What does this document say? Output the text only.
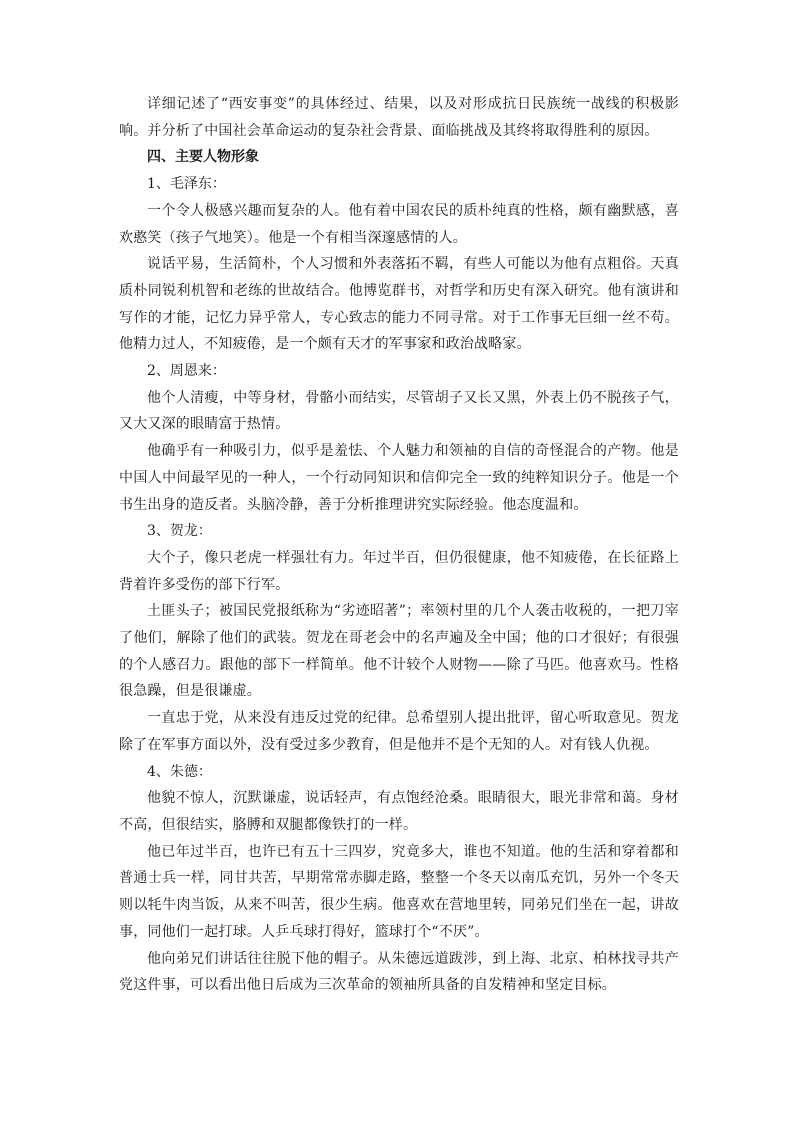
详细记述了“西安事变”的具体经过、结果，以及对形成抗日民族统一战线的积极影响。并分析了中国社会革命运动的复杂社会背景、面临挑战及其终将取得胜利的原因。

四、主要人物形象

1、毛泽东：

一个令人极感兴趣而复杂的人。他有着中国农民的质朴纯真的性格，颇有幽默感，喜欢憨笑（孩子气地笑）。他是一个有相当深邃感情的人。

说话平易，生活简朴，个人习惯和外表落拓不羁，有些人可能以为他有点粗俗。天真质朴同锐利机智和老练的世故结合。他博览群书，对哲学和历史有深入研究。他有演讲和写作的才能，记忆力异乎常人，专心致志的能力不同寻常。对于工作事无巨细一丝不苟。他精力过人，不知疲倦，是一个颇有天才的军事家和政治战略家。

2、周恩来：

他个人清瘦，中等身材，骨骼小而结实，尽管胡子又长又黑，外表上仍不脱孩子气，又大又深的眼睛富于热情。

他确乎有一种吸引力，似乎是羞怯、个人魅力和领袖的自信的奇怪混合的产物。他是中国人中间最罕见的一种人，一个行动同知识和信仰完全一致的纯粹知识分子。他是一个书生出身的造反者。头脑冷静，善于分析推理讲究实际经验。他态度温和。

3、贺龙：

大个子，像只老虎一样强壮有力。年过半百，但仍很健康，他不知疲倦，在长征路上背着许多受伤的部下行军。

土匪头子；被国民党报纸称为“劣迹昭著”；率领村里的几个人袭击收税的，一把刀宰了他们，解除了他们的武装。贺龙在哥老会中的名声遍及全中国；他的口才很好；有很强的个人感召力。跟他的部下一样简单。他不计较个人财物——除了马匹。他喜欢马。性格很急躁，但是很谦虚。

一直忠于党，从来没有违反过党的纪律。总希望别人提出批评，留心听取意见。贺龙除了在军事方面以外，没有受过多少教育，但是他并不是个无知的人。对有钱人仇视。

4、朱德：

他貌不惊人，沉默谦虚，说话轻声，有点饱经沧桑。眼睛很大，眼光非常和蔼。身材不高，但很结实，胳膊和双腿都像铁打的一样。

他已年过半百，也许已有五十三四岁，究竟多大，谁也不知道。他的生活和穿着都和普通士兵一样，同甘共苦，早期常常赤脚走路，整整一个冬天以南瓜充饥，另外一个冬天则以牦牛肉当饭，从来不叫苦，很少生病。他喜欢在营地里转，同弟兄们坐在一起，讲故事，同他们一起打球。人乒乓球打得好，篮球打个“不厌”。

他向弟兄们讲话往往脱下他的帽子。从朱德远道跋涉，到上海、北京、柏林找寻共产党这件事，可以看出他日后成为三次革命的领袖所具备的自发精神和坚定目标。
